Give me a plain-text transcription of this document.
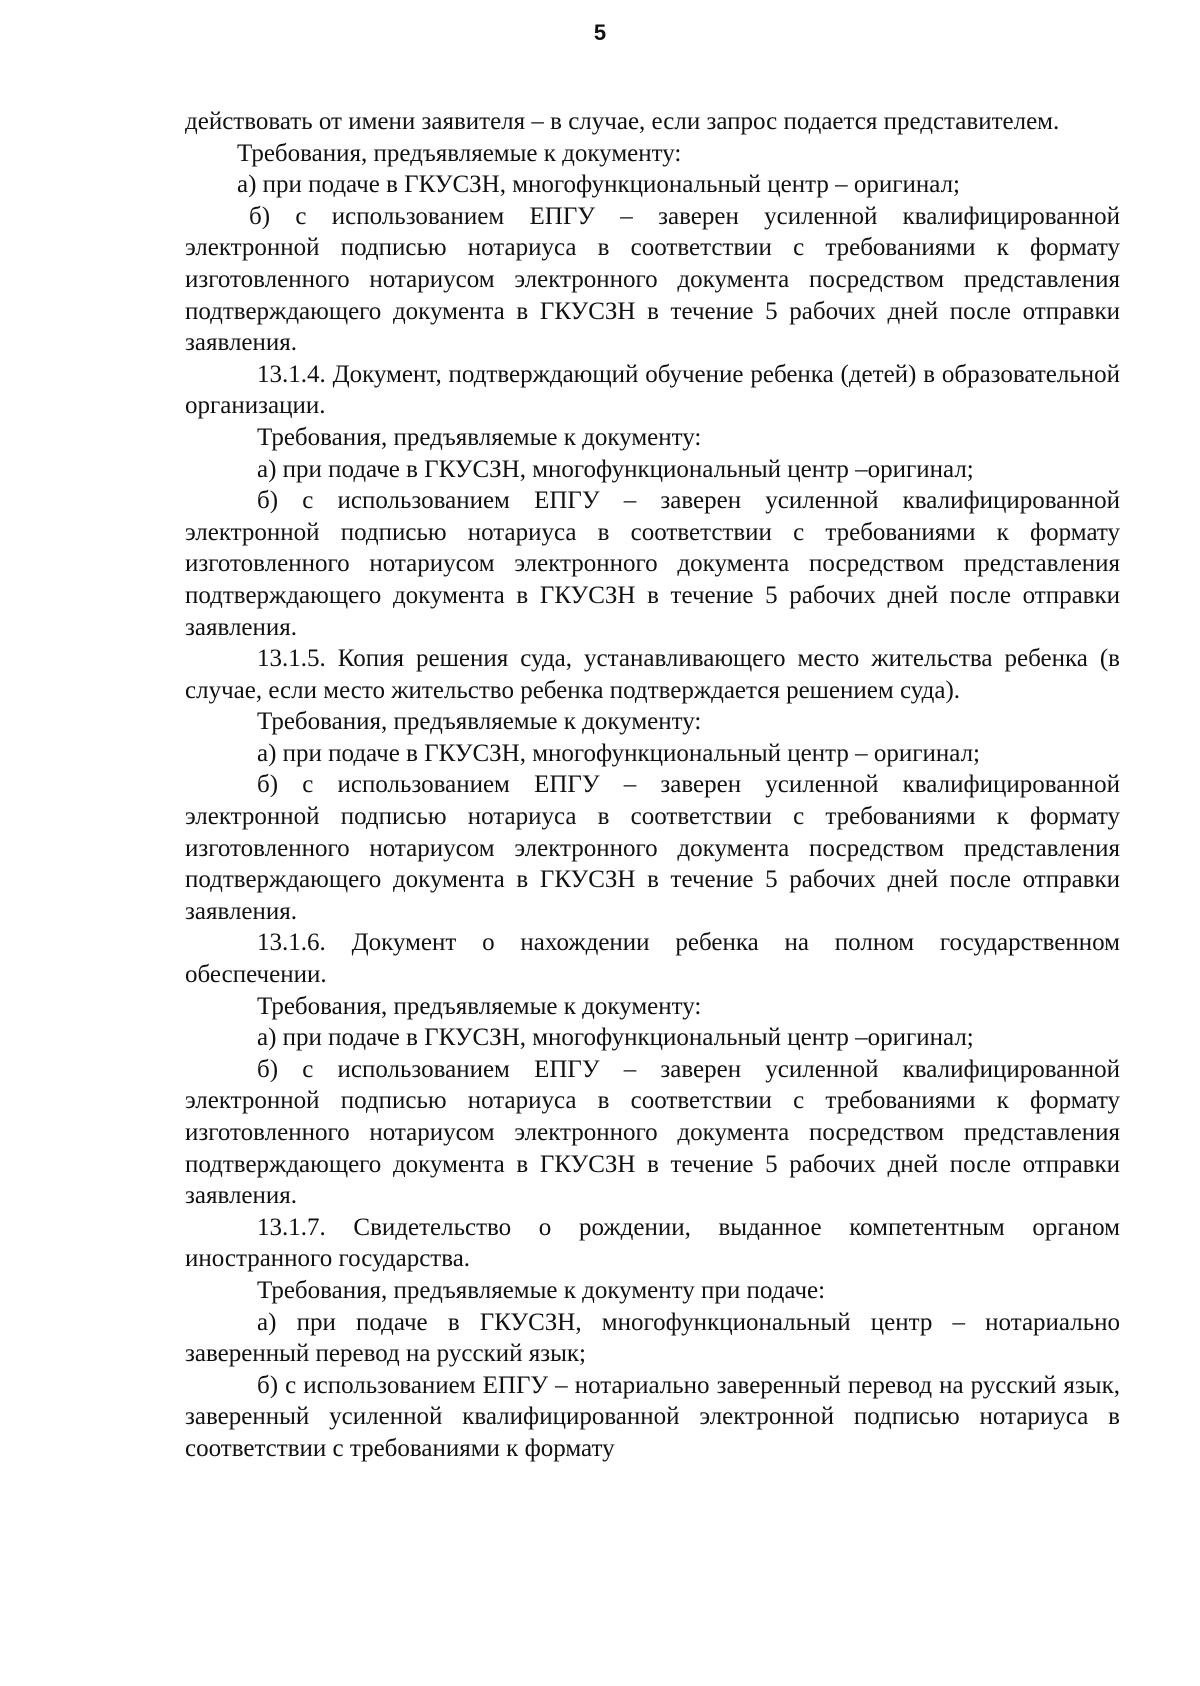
5

действовать от имени заявителя – в случае, если запрос подается представителем.

Требования, предъявляемые к документу:

а) при подаче в ГКУСЗН, многофункциональный центр – оригинал;

б) с использованием ЕПГУ – заверен усиленной квалифицированной электронной подписью нотариуса в соответствии с требованиями к формату изготовленного нотариусом электронного документа посредством представления подтверждающего документа в ГКУСЗН в течение 5 рабочих дней после отправки заявления.

13.1.4. Документ, подтверждающий обучение ребенка (детей) в образовательной организации.

Требования, предъявляемые к документу:

а) при подаче в ГКУСЗН, многофункциональный центр –оригинал;

б) с использованием ЕПГУ – заверен усиленной квалифицированной электронной подписью нотариуса в соответствии с требованиями к формату изготовленного нотариусом электронного документа посредством представления подтверждающего документа в ГКУСЗН в течение 5 рабочих дней после отправки заявления.

13.1.5. Копия решения суда, устанавливающего место жительства ребенка (в случае, если место жительство ребенка подтверждается решением суда).

Требования, предъявляемые к документу:

а) при подаче в ГКУСЗН, многофункциональный центр – оригинал;

б) с использованием ЕПГУ – заверен усиленной квалифицированной электронной подписью нотариуса в соответствии с требованиями к формату изготовленного нотариусом электронного документа посредством представления подтверждающего документа в ГКУСЗН в течение 5 рабочих дней после отправки заявления.

13.1.6. Документ о нахождении ребенка на полном государственном обеспечении.

Требования, предъявляемые к документу:

а) при подаче в ГКУСЗН, многофункциональный центр –оригинал;

б) с использованием ЕПГУ – заверен усиленной квалифицированной электронной подписью нотариуса в соответствии с требованиями к формату изготовленного нотариусом электронного документа посредством представления подтверждающего документа в ГКУСЗН в течение 5 рабочих дней после отправки заявления.

13.1.7. Свидетельство о рождении, выданное компетентным органом иностранного государства.

Требования, предъявляемые к документу при подаче:

а) при подаче в ГКУСЗН, многофункциональный центр – нотариально заверенный перевод на русский язык;

б) с использованием ЕПГУ – нотариально заверенный перевод на русский язык, заверенный усиленной квалифицированной электронной подписью нотариуса в соответствии с требованиями к формату
